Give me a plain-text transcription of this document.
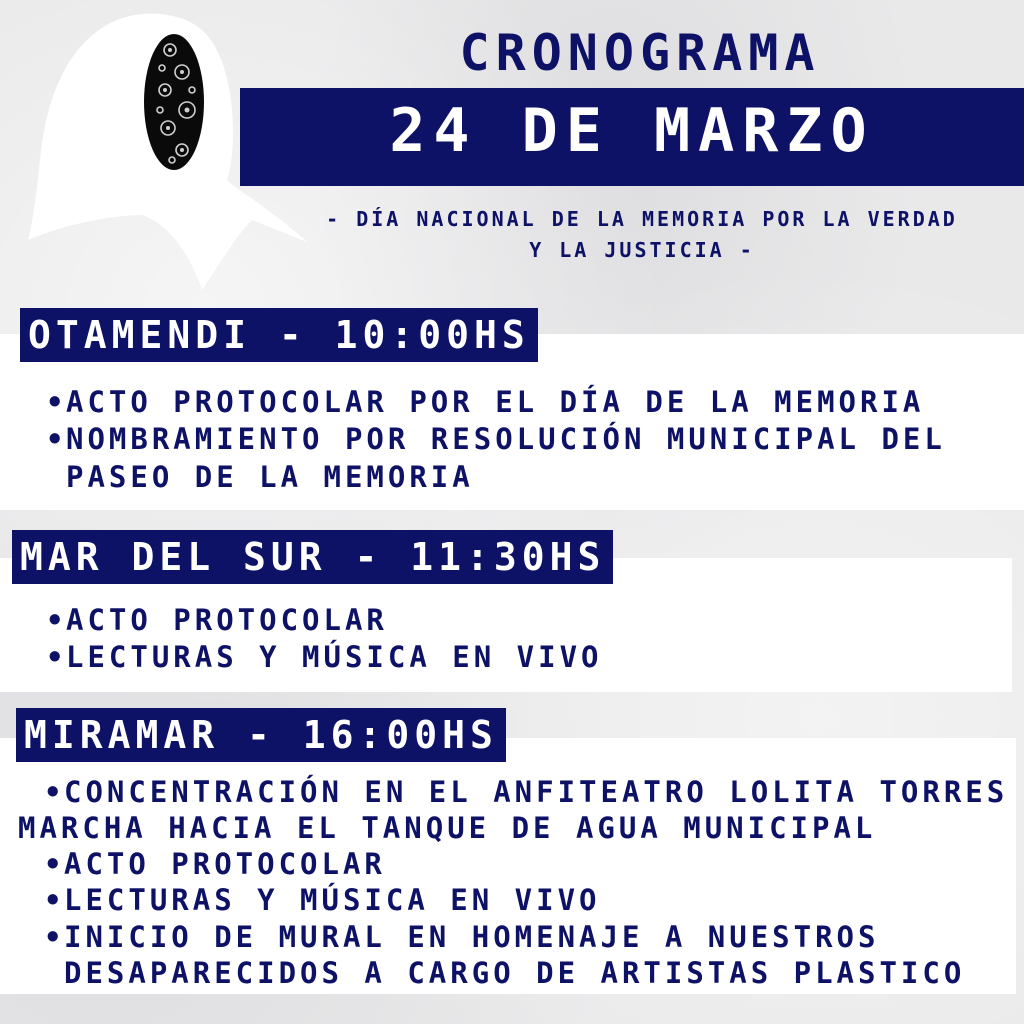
CRONOGRAMA
24 DE MARZO
- DÍA NACIONAL DE LA MEMORIA POR LA VERDAD
Y LA JUSTICIA -
OTAMENDI - 10:00HS
•ACTO PROTOCOLAR POR EL DÍA DE LA MEMORIA
•NOMBRAMIENTO POR RESOLUCIÓN MUNICIPAL DEL
PASEO DE LA MEMORIA
MAR DEL SUR - 11:30HS
•ACTO PROTOCOLAR
•LECTURAS Y MÚSICA EN VIVO
MIRAMAR - 16:00HS
•CONCENTRACIÓN EN EL ANFITEATRO LOLITA TORRES
MARCHA HACIA EL TANQUE DE AGUA MUNICIPAL
•ACTO PROTOCOLAR
•LECTURAS Y MÚSICA EN VIVO
•INICIO DE MURAL EN HOMENAJE A NUESTROS
DESAPARECIDOS A CARGO DE ARTISTAS PLASTICO
